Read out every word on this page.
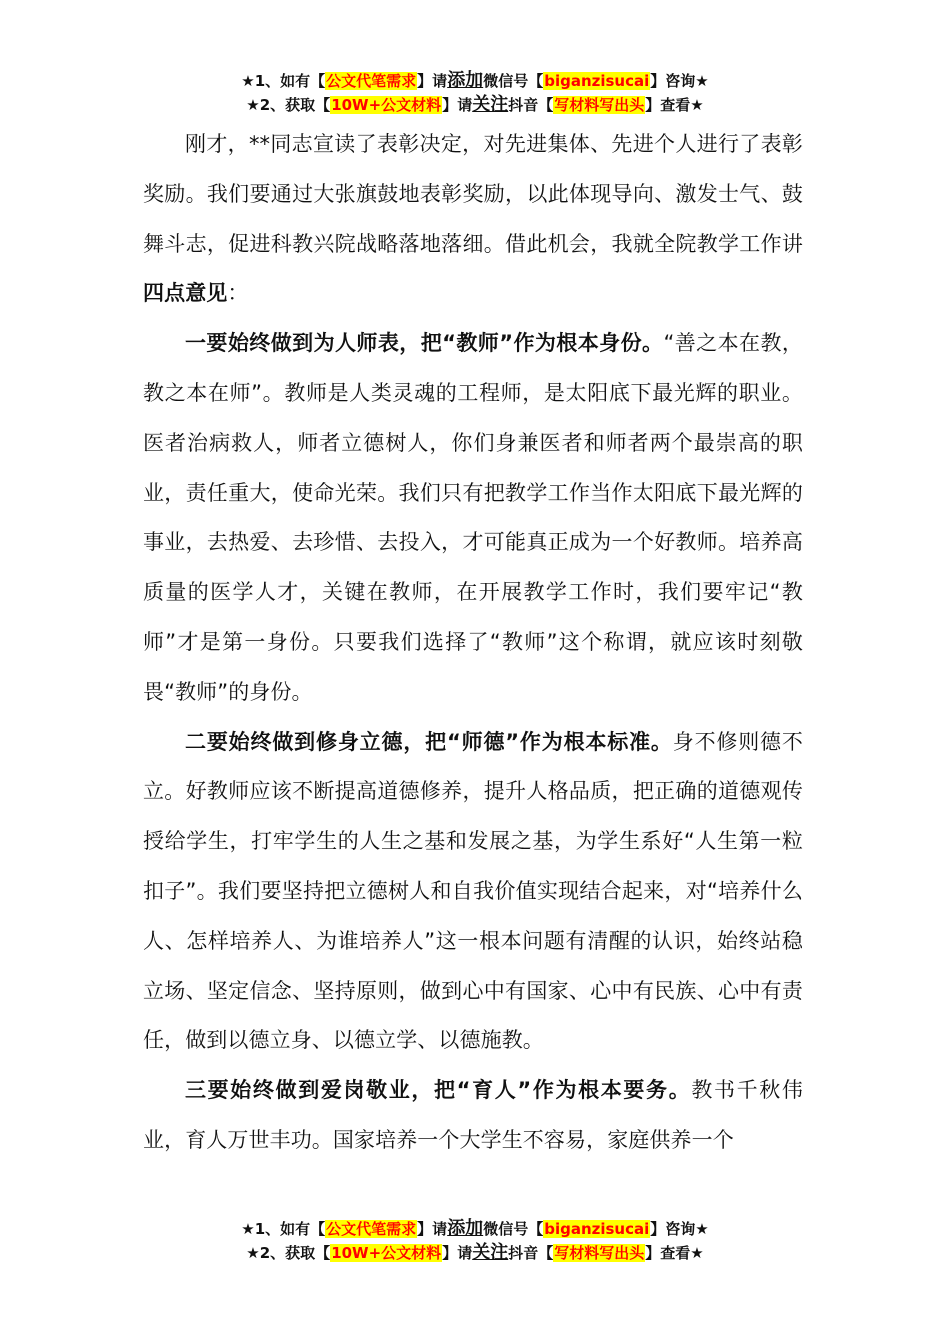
★1、如有【公文代笔需求】请添加微信号【biganzisucai】咨询★
★2、获取【10W+公文材料】请关注抖音【写材料写出头】查看★

刚才，**同志宣读了表彰决定，对先进集体、先进个人进行了表彰奖励。我们要通过大张旗鼓地表彰奖励，以此体现导向、激发士气、鼓舞斗志，促进科教兴院战略落地落细。借此机会，我就全院教学工作讲四点意见：

一要始终做到为人师表，把“教师”作为根本身份。“善之本在教，教之本在师”。教师是人类灵魂的工程师，是太阳底下最光辉的职业。医者治病救人，师者立德树人，你们身兼医者和师者两个最崇高的职业，责任重大，使命光荣。我们只有把教学工作当作太阳底下最光辉的事业，去热爱、去珍惜、去投入，才可能真正成为一个好教师。培养高质量的医学人才，关键在教师，在开展教学工作时，我们要牢记“教师”才是第一身份。只要我们选择了“教师”这个称谓，就应该时刻敬畏“教师”的身份。

二要始终做到修身立德，把“师德”作为根本标准。身不修则德不立。好教师应该不断提高道德修养，提升人格品质，把正确的道德观传授给学生，打牢学生的人生之基和发展之基，为学生系好“人生第一粒扣子”。我们要坚持把立德树人和自我价值实现结合起来，对“培养什么人、怎样培养人、为谁培养人”这一根本问题有清醒的认识，始终站稳立场、坚定信念、坚持原则，做到心中有国家、心中有民族、心中有责任，做到以德立身、以德立学、以德施教。

三要始终做到爱岗敬业，把“育人”作为根本要务。教书千秋伟业，育人万世丰功。国家培养一个大学生不容易，家庭供养一个

★1、如有【公文代笔需求】请添加微信号【biganzisucai】咨询★
★2、获取【10W+公文材料】请关注抖音【写材料写出头】查看★
